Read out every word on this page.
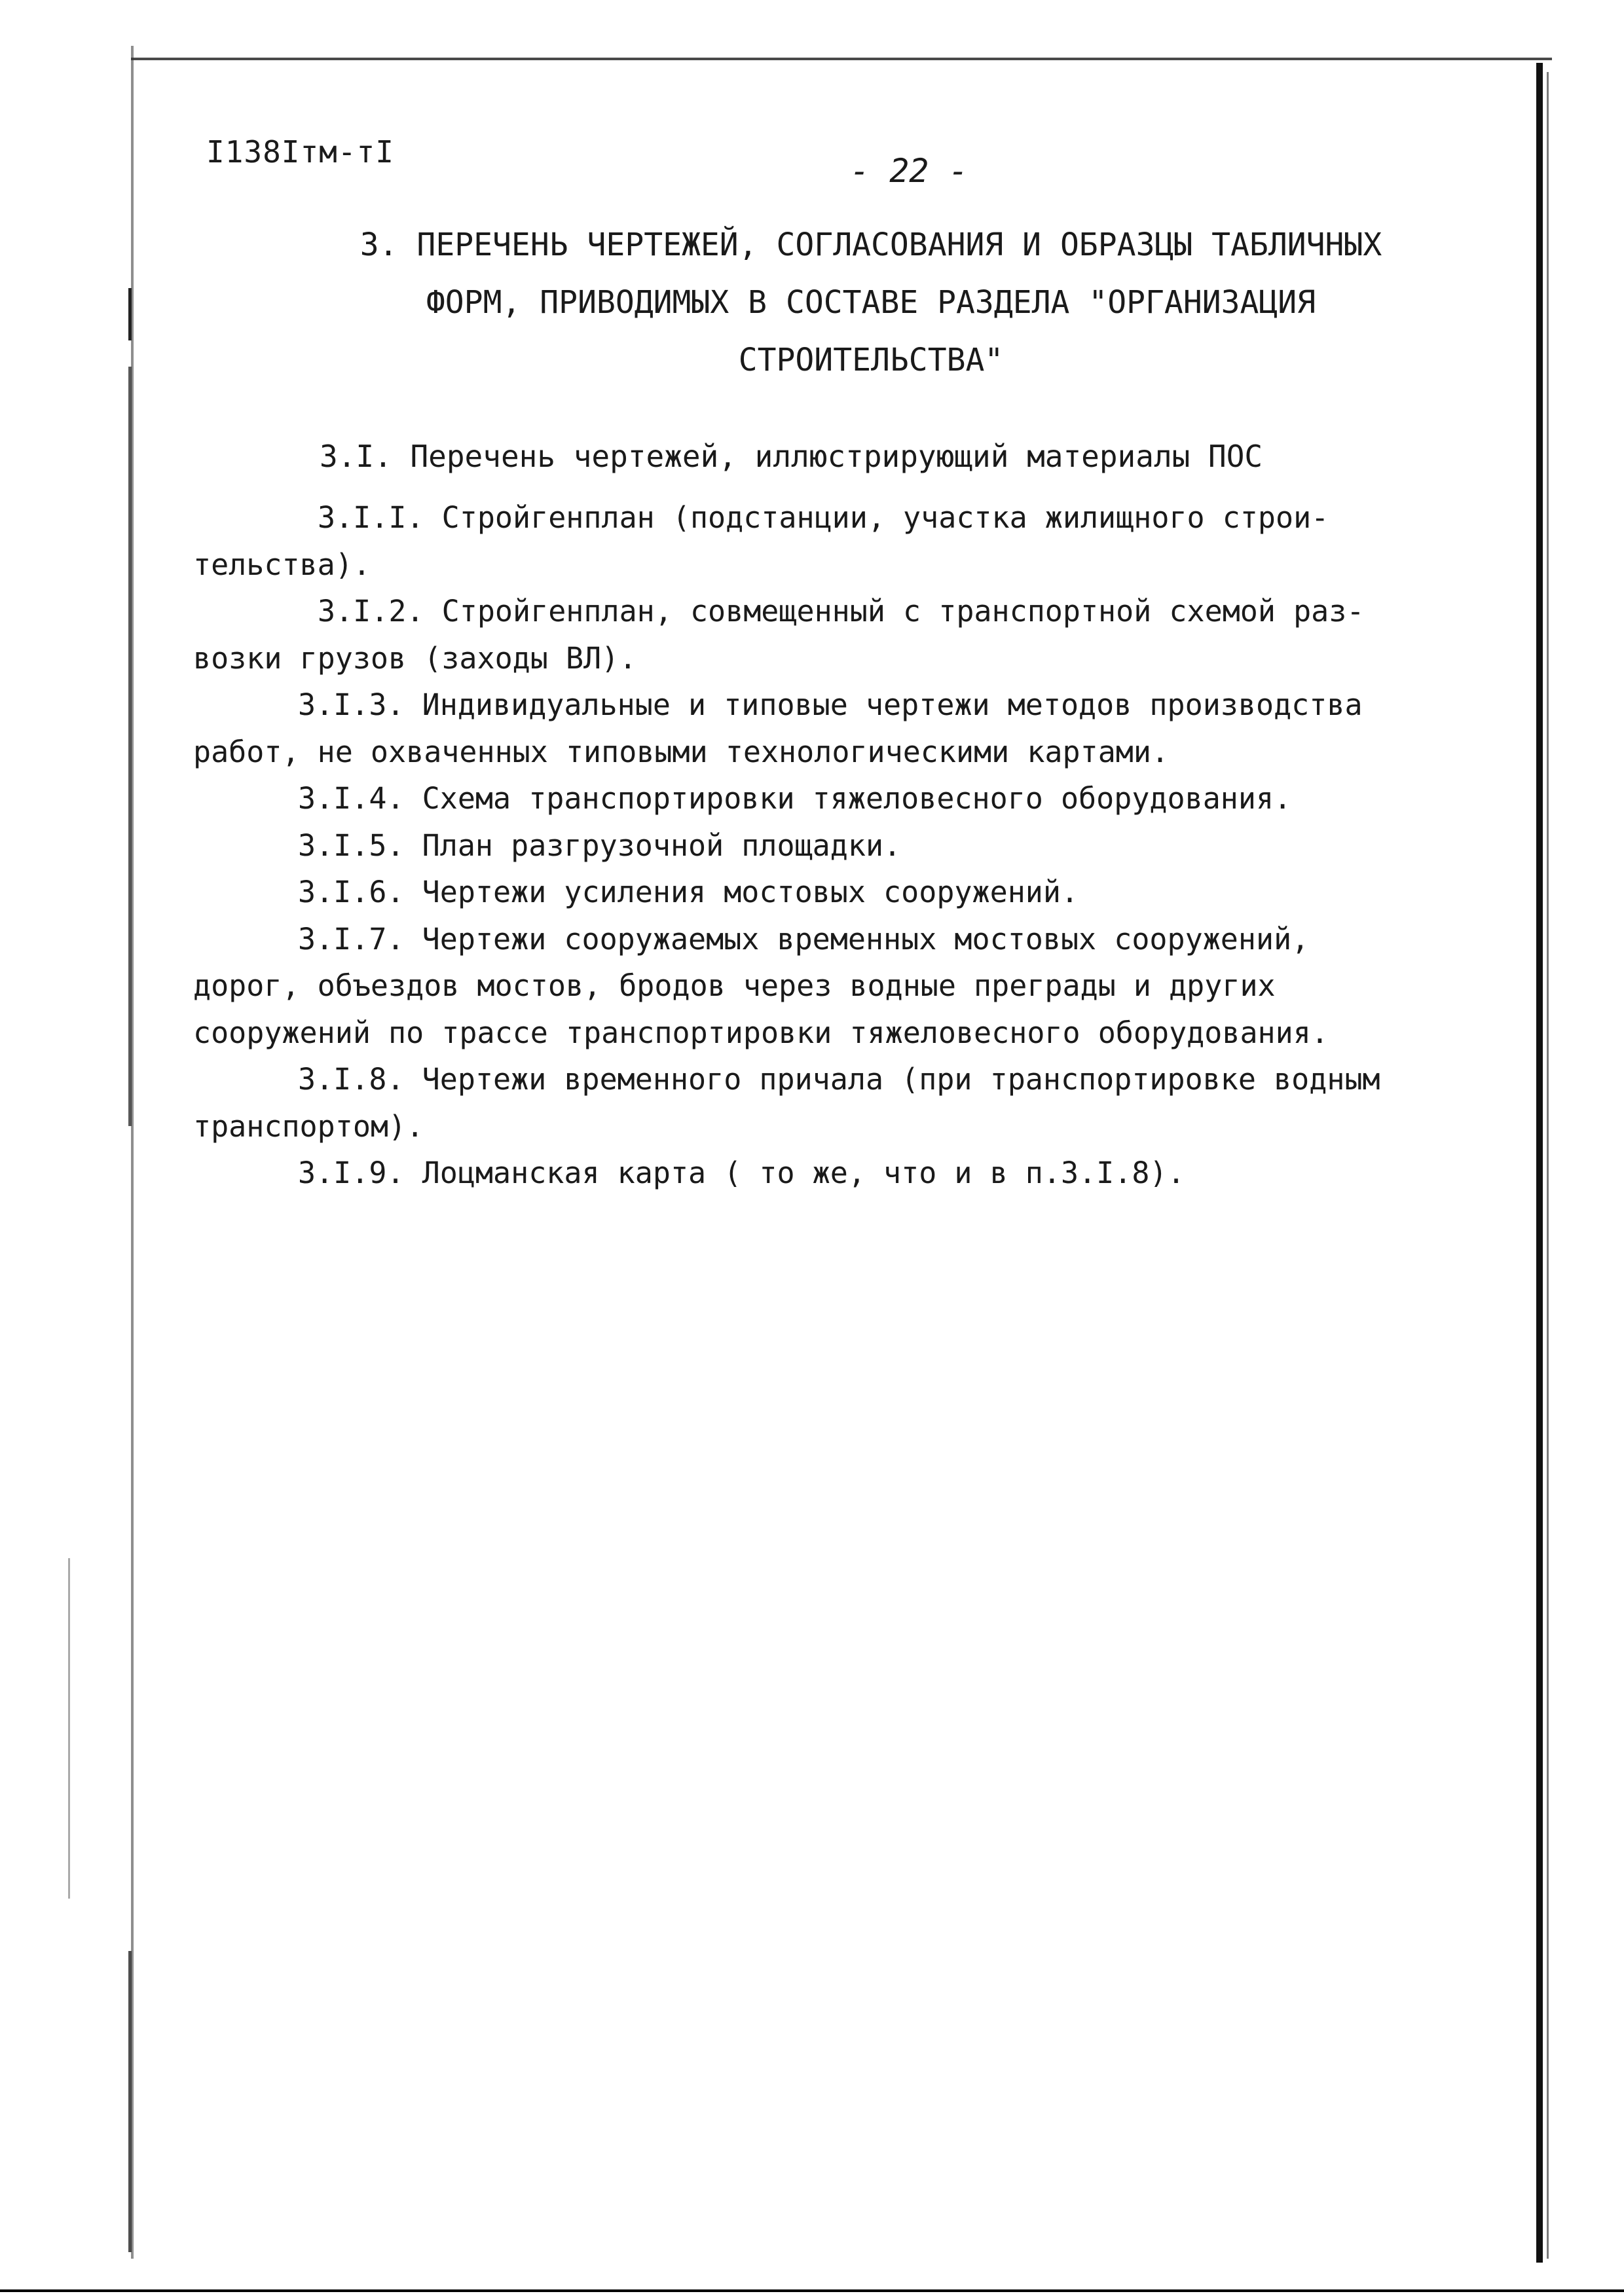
I138Iтм-тI	- 22 -
3. ПЕРЕЧЕНЬ ЧЕРТЕЖЕЙ, СОГЛАСОВАНИЯ И ОБРАЗЦЫ ТАБЛИЧНЫХ
ФОРМ, ПРИВОДИМЫХ В СОСТАВЕ РАЗДЕЛА "ОРГАНИЗАЦИЯ
СТРОИТЕЛЬСТВА"
3.I. Перечень чертежей, иллюстрирующий материалы ПОС
3.I.I. Стройгенплан (подстанции, участка жилищного строи-
тельства).
3.I.2. Стройгенплан, совмещенный с транспортной схемой раз-
возки грузов (заходы ВЛ).
3.I.3. Индивидуальные и типовые чертежи методов производства
работ, не охваченных типовыми технологическими картами.
3.I.4. Схема транспортировки тяжеловесного оборудования.
3.I.5. План разгрузочной площадки.
3.I.6. Чертежи усиления мостовых сооружений.
3.I.7. Чертежи сооружаемых временных мостовых сооружений,
дорог, объездов мостов, бродов через водные преграды и других
сооружений по трассе транспортировки тяжеловесного оборудования.
3.I.8. Чертежи временного причала (при транспортировке водным
транспортом).
3.I.9. Лоцманская карта ( то же, что и в п.3.I.8).
